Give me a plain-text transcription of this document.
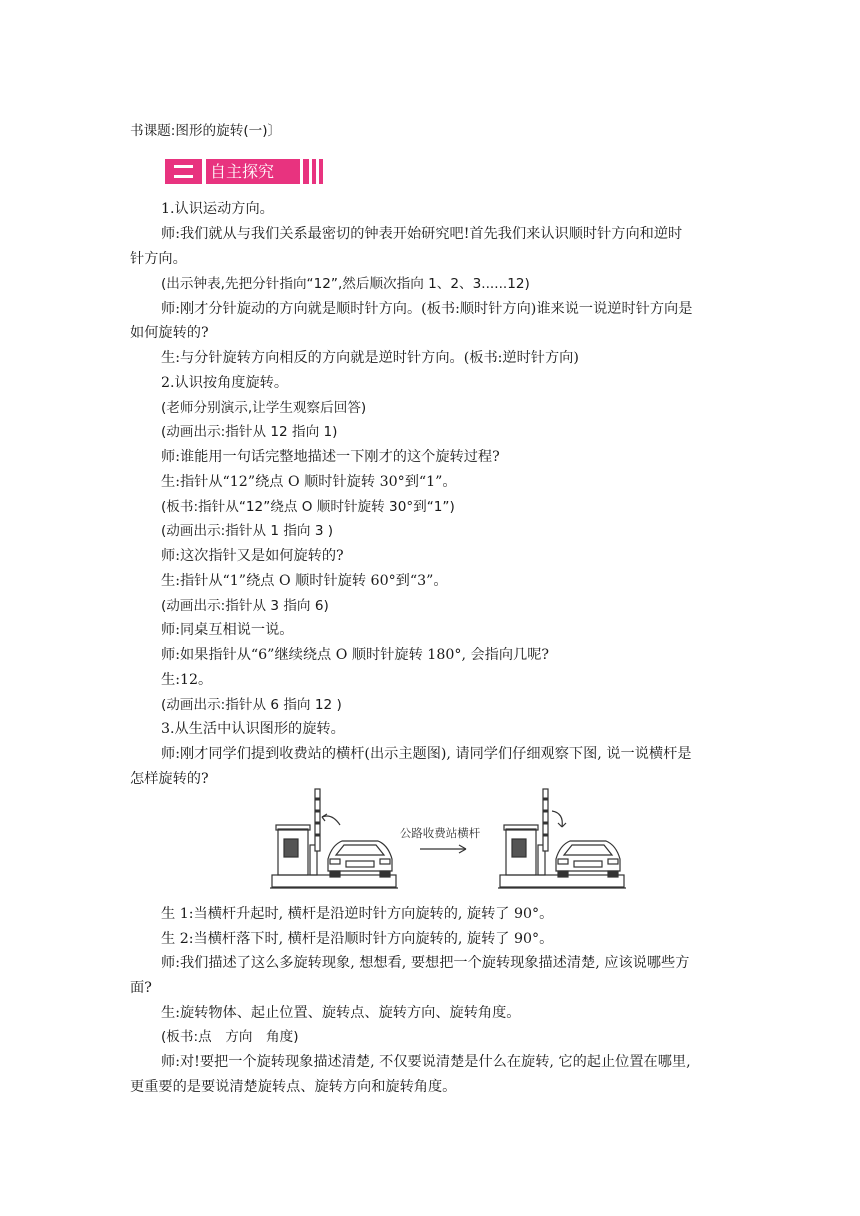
书课题:图形的旋转(一)〕
自主探究
1.认识运动方向。
师:我们就从与我们关系最密切的钟表开始研究吧!首先我们来认识顺时针方向和逆时
针方向。
(出示钟表,先把分针指向“12”,然后顺次指向 1、2、3......12)
师:刚才分针旋动的方向就是顺时针方向。(板书:顺时针方向)谁来说一说逆时针方向是
如何旋转的?
生:与分针旋转方向相反的方向就是逆时针方向。(板书:逆时针方向)
2.认识按角度旋转。
(老师分别演示,让学生观察后回答)
(动画出示:指针从 12 指向 1)
师:谁能用一句话完整地描述一下刚才的这个旋转过程?
生:指针从“12”绕点 O 顺时针旋转 30°到“1”。
(板书:指针从“12”绕点 O 顺时针旋转 30°到“1”)
(动画出示:指针从 1 指向 3 )
师:这次指针又是如何旋转的?
生:指针从“1”绕点 O 顺时针旋转 60°到“3”。
(动画出示:指针从 3 指向 6)
师:同桌互相说一说。
师:如果指针从“6”继续绕点 O 顺时针旋转 180°, 会指向几呢?
生:12。
(动画出示:指针从 6 指向 12 )
3.从生活中认识图形的旋转。
师:刚才同学们提到收费站的横杆(出示主题图), 请同学们仔细观察下图, 说一说横杆是
怎样旋转的?
公路收费站横杆
生 1:当横杆升起时, 横杆是沿逆时针方向旋转的, 旋转了 90°。
生 2:当横杆落下时, 横杆是沿顺时针方向旋转的, 旋转了 90°。
师:我们描述了这么多旋转现象, 想想看, 要想把一个旋转现象描述清楚, 应该说哪些方
面?
生:旋转物体、起止位置、旋转点、旋转方向、旋转角度。
(板书:点　方向　角度)
师:对!要把一个旋转现象描述清楚, 不仅要说清楚是什么在旋转, 它的起止位置在哪里,
更重要的是要说清楚旋转点、旋转方向和旋转角度。
